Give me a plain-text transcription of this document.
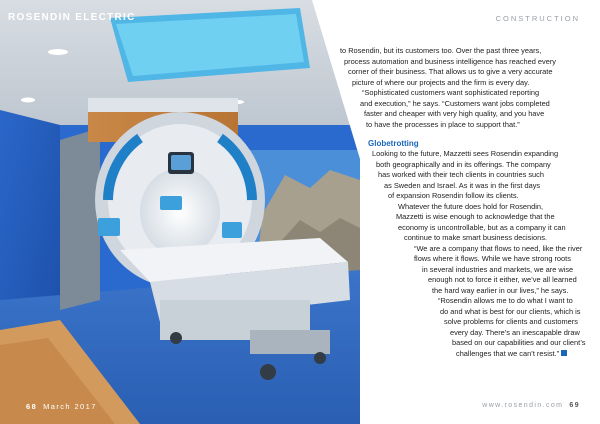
ROSENDIN ELECTRIC	CONSTRUCTION
to Rosendin, but its customers too. Over the past three years,
process automation and business intelligence has reached every
corner of their business. That allows us to give a very accurate
picture of where our projects and the firm is every day.
“Sophisticated customers want sophisticated reporting
and execution,” he says. “Customers want jobs completed
faster and cheaper with very high quality, and you have
to have the processes in place to support that.”
Globetrotting
Looking to the future, Mazzetti sees Rosendin expanding
both geographically and in its offerings. The company
has worked with their tech clients in countries such
as Sweden and Israel. As it was in the first days
of expansion Rosendin follow its clients.
Whatever the future does hold for Rosendin,
Mazzetti is wise enough to acknowledge that the
economy is uncontrollable, but as a company it can
continue to make smart business decisions.
“We are a company that flows to need, like the river
flows where it flows. While we have strong roots
in several industries and markets, we are wise
enough not to force it either, we’ve all learned
the hard way earlier in our lives,” he says.
“Rosendin allows me to do what I want to
do and what is best for our clients, which is
solve problems for clients and customers
every day. There’s an inescapable draw
based on our capabilities and our client’s
challenges that we can’t resist.”
68 March 2017	www.rosendin.com 69
